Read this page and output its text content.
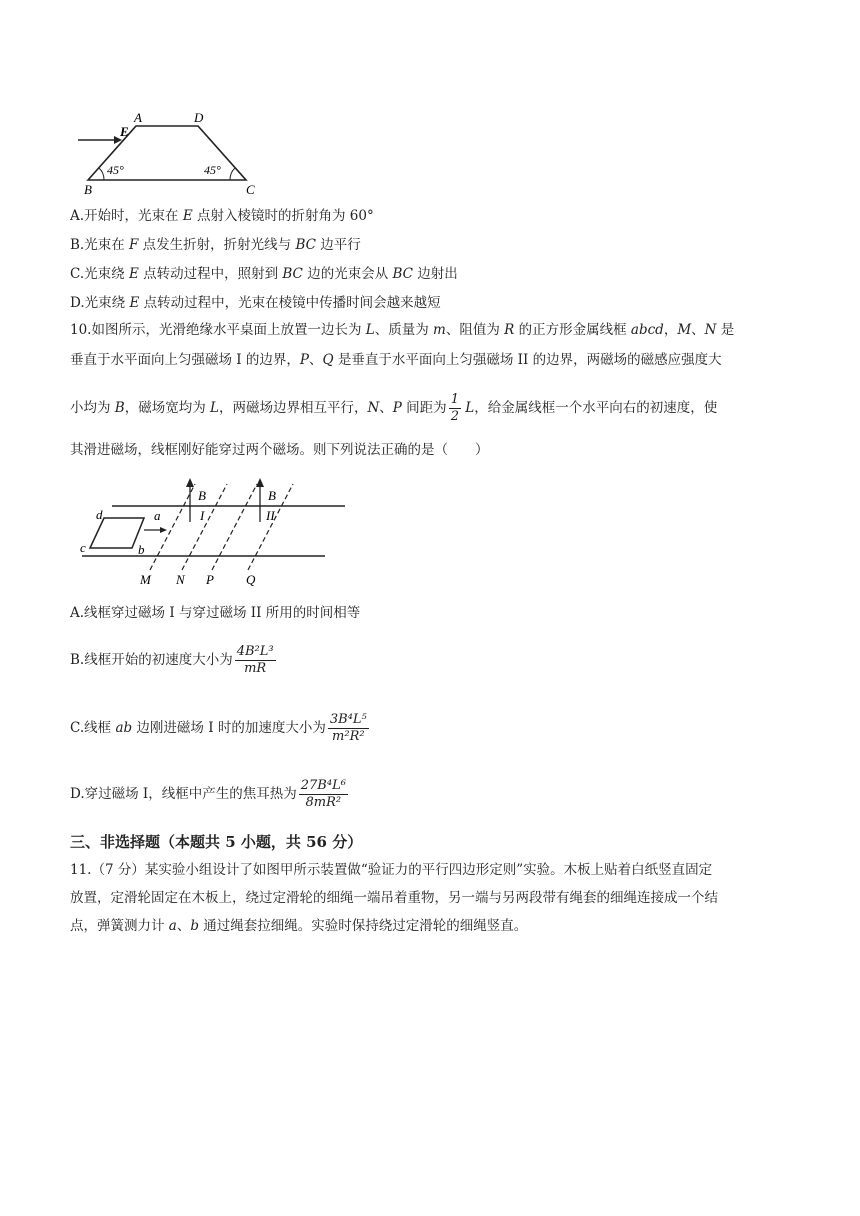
A	D
E
B	C
45°	45°
A.开始时，光束在 E 点射入棱镜时的折射角为 60°
B.光束在 F 点发生折射，折射光线与 BC 边平行
C.光束绕 E 点转动过程中，照射到 BC 边的光束会从 BC 边射出
D.光束绕 E 点转动过程中，光束在棱镜中传播时间会越来越短
10.如图所示，光滑绝缘水平桌面上放置一边长为 L、质量为 m、阻值为 R 的正方形金属线框 abcd，M、N 是
垂直于水平面向上匀强磁场 I 的边界，P、Q 是垂直于水平面向上匀强磁场 II 的边界，两磁场的磁感应强度大
小均为 B，磁场宽均为 L，两磁场边界相互平行，N、P 间距为 $\frac{1}{2}$ L，给金属线框一个水平向右的初速度，使
其滑进磁场，线框刚好能穿过两个磁场。则下列说法正确的是（　　）
d	a
c	b
B
I
B
II
M N P Q
A.线框穿过磁场 I 与穿过磁场 II 所用的时间相等
B.线框开始的初速度大小为 $\frac{\text{4B²L³}}{mR}$
C.线框 ab 边刚进磁场 I 时的加速度大小为 $\frac{\text{3B⁴L⁵}}{\text{m²R²}}$
D.穿过磁场 I，线框中产生的焦耳热为 $\frac{\text{27B⁴L⁶}}{\text{8mR²}}$
三、非选择题（本题共 5 小题，共 56 分）
11.（7 分）某实验小组设计了如图甲所示装置做“验证力的平行四边形定则”实验。木板上贴着白纸竖直固定
放置，定滑轮固定在木板上，绕过定滑轮的细绳一端吊着重物，另一端与另两段带有绳套的细绳连接成一个结
点，弹簧测力计 a、b 通过绳套拉细绳。实验时保持绕过定滑轮的细绳竖直。
